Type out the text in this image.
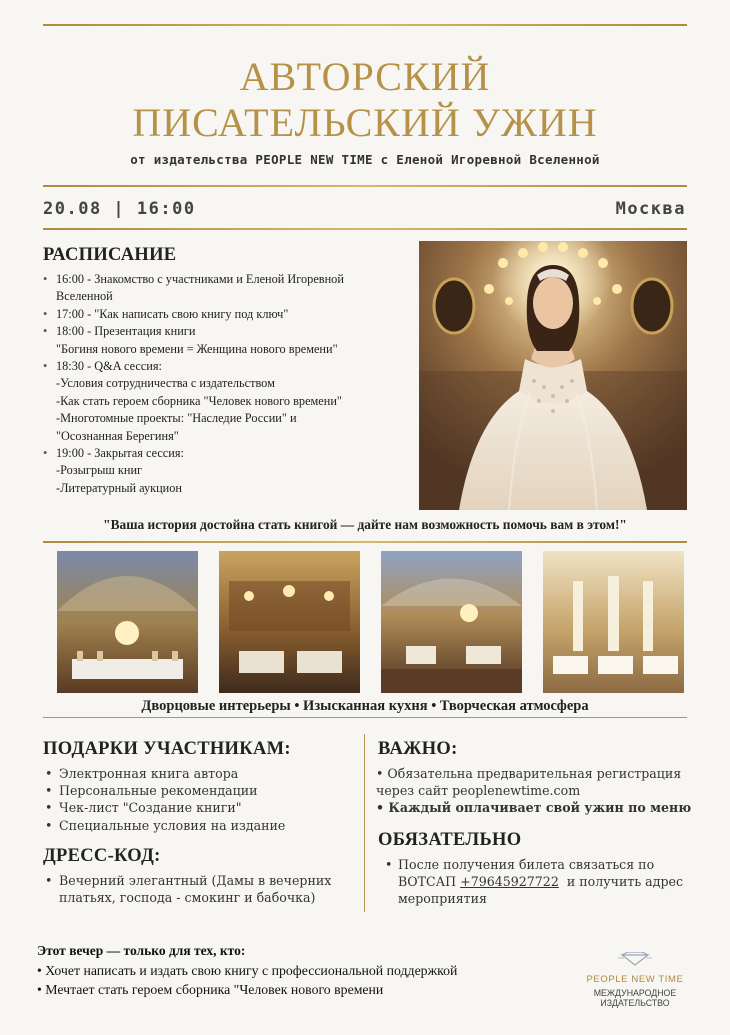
АВТОРСКИЙ
ПИСАТЕЛЬСКИЙ УЖИН
от издательства PEOPLE NEW TIME с Еленой Игоревной Вселенной
20.08 | 16:00	Москва
РАСПИСАНИЕ
• 16:00 - Знакомство с участниками и Еленой Игоревной
Вселенной
• 17:00 - "Как написать свою книгу под ключ"
• 18:00 - Презентация книги
"Богиня нового времени = Женщина нового времени"
• 18:30 - Q&A сессия:
-Условия сотрудничества с издательством
-Как стать героем сборника "Человек нового времени"
-Многотомные проекты: "Наследие России" и
"Осознанная Берегиня"
• 19:00 - Закрытая сессия:
-Розыгрыш книг
-Литературный аукцион
"Ваша история достойна стать книгой — дайте нам возможность помочь вам в этом!"
Дворцовые интерьеры • Изысканная кухня • Творческая атмосфера
ПОДАРКИ УЧАСТНИКАМ:
• Электронная книга автора
• Персональные рекомендации
• Чек-лист "Создание книги"
• Специальные условия на издание
ДРЕСС-КОД:
• Вечерний элегантный (Дамы в вечерних платьях, господа - смокинг и бабочка)
ВАЖНО:
• Обязательна предварительная регистрация
через сайт peoplenewtime.com
• Каждый оплачивает свой ужин по меню
ОБЯЗАТЕЛЬНО
• После получения билета связаться по
ВОТСАП +79645927722  и получить адрес
мероприятия
Этот вечер — только для тех, кто:
• Хочет написать и издать свою книгу с профессиональной поддержкой
• Мечтает стать героем сборника "Человек нового времени
PEOPLE NEW TIME
МЕЖДУНАРОДНОЕ ИЗДАТЕЛЬСТВО
